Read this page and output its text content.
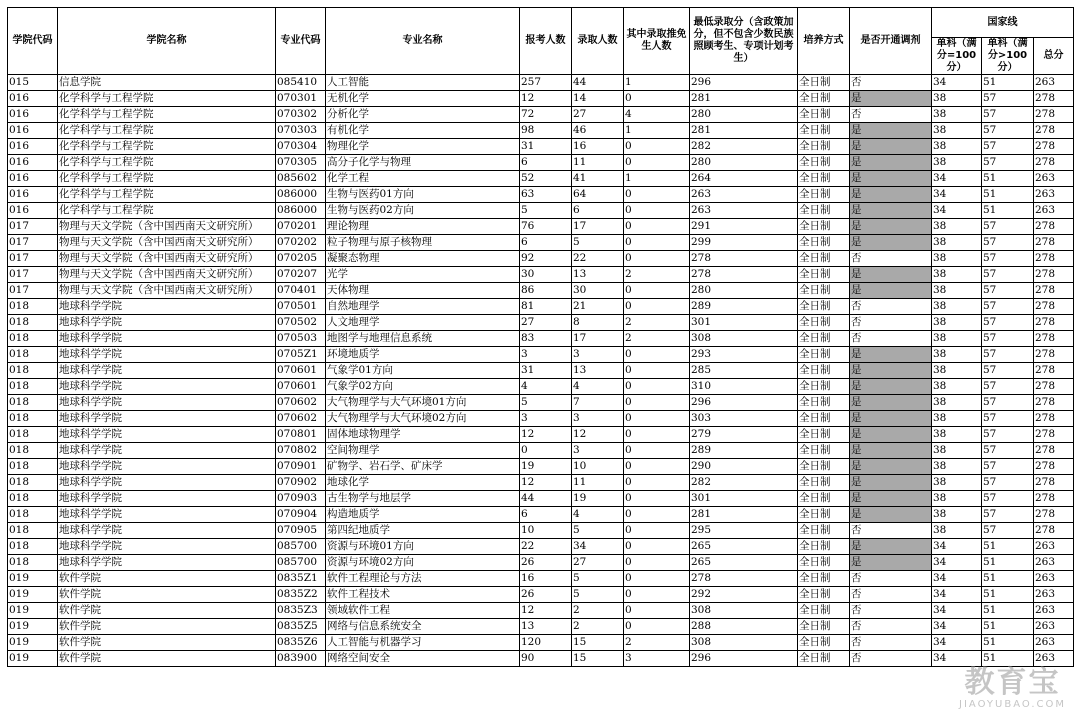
学院代码	学院名称	专业代码	专业名称	报考人数	录取人数	其中录取推免生人数	最低录取分（含政策加分，但不包含少数民族照顾考生、专项计划考生）	培养方式	是否开通调剂	国家线		
										单科（满分=100分）	单科（满分>100分）	总分
015	信息学院	085410	人工智能	257	44	1	296	全日制	否	34	51	263
016	化学科学与工程学院	070301	无机化学	12	14	0	281	全日制	是	38	57	278
016	化学科学与工程学院	070302	分析化学	72	27	4	280	全日制	否	38	57	278
016	化学科学与工程学院	070303	有机化学	98	46	1	281	全日制	是	38	57	278
016	化学科学与工程学院	070304	物理化学	31	16	0	282	全日制	是	38	57	278
016	化学科学与工程学院	070305	高分子化学与物理	6	11	0	280	全日制	是	38	57	278
016	化学科学与工程学院	085602	化学工程	52	41	1	264	全日制	是	34	51	263
016	化学科学与工程学院	086000	生物与医药01方向	63	64	0	263	全日制	是	34	51	263
016	化学科学与工程学院	086000	生物与医药02方向	5	6	0	263	全日制	是	34	51	263
017	物理与天文学院（含中国西南天文研究所）	070201	理论物理	76	17	0	291	全日制	是	38	57	278
017	物理与天文学院（含中国西南天文研究所）	070202	粒子物理与原子核物理	6	5	0	299	全日制	是	38	57	278
017	物理与天文学院（含中国西南天文研究所）	070205	凝聚态物理	92	22	0	278	全日制	否	38	57	278
017	物理与天文学院（含中国西南天文研究所）	070207	光学	30	13	2	278	全日制	是	38	57	278
017	物理与天文学院（含中国西南天文研究所）	070401	天体物理	86	30	0	280	全日制	是	38	57	278
018	地球科学学院	070501	自然地理学	81	21	0	289	全日制	否	38	57	278
018	地球科学学院	070502	人文地理学	27	8	2	301	全日制	否	38	57	278
018	地球科学学院	070503	地图学与地理信息系统	83	17	2	308	全日制	否	38	57	278
018	地球科学学院	0705Z1	环境地质学	3	3	0	293	全日制	是	38	57	278
018	地球科学学院	070601	气象学01方向	31	13	0	285	全日制	是	38	57	278
018	地球科学学院	070601	气象学02方向	4	4	0	310	全日制	是	38	57	278
018	地球科学学院	070602	大气物理学与大气环境01方向	5	7	0	296	全日制	是	38	57	278
018	地球科学学院	070602	大气物理学与大气环境02方向	3	3	0	303	全日制	是	38	57	278
018	地球科学学院	070801	固体地球物理学	12	12	0	279	全日制	是	38	57	278
018	地球科学学院	070802	空间物理学	0	3	0	289	全日制	是	38	57	278
018	地球科学学院	070901	矿物学、岩石学、矿床学	19	10	0	290	全日制	是	38	57	278
018	地球科学学院	070902	地球化学	12	11	0	282	全日制	是	38	57	278
018	地球科学学院	070903	古生物学与地层学	44	19	0	301	全日制	是	38	57	278
018	地球科学学院	070904	构造地质学	6	4	0	281	全日制	是	38	57	278
018	地球科学学院	070905	第四纪地质学	10	5	0	295	全日制	否	38	57	278
018	地球科学学院	085700	资源与环境01方向	22	34	0	265	全日制	是	34	51	263
018	地球科学学院	085700	资源与环境02方向	26	27	0	265	全日制	是	34	51	263
019	软件学院	0835Z1	软件工程理论与方法	16	5	0	278	全日制	否	34	51	263
019	软件学院	0835Z2	软件工程技术	26	5	0	292	全日制	否	34	51	263
019	软件学院	0835Z3	领域软件工程	12	2	0	308	全日制	否	34	51	263
019	软件学院	0835Z5	网络与信息系统安全	13	2	0	288	全日制	否	34	51	263
019	软件学院	0835Z6	人工智能与机器学习	120	15	2	308	全日制	否	34	51	263
019	软件学院	083900	网络空间安全	90	15	3	296	全日制	否	34	51	263
教育宝
JIAOYUBAO.COM
